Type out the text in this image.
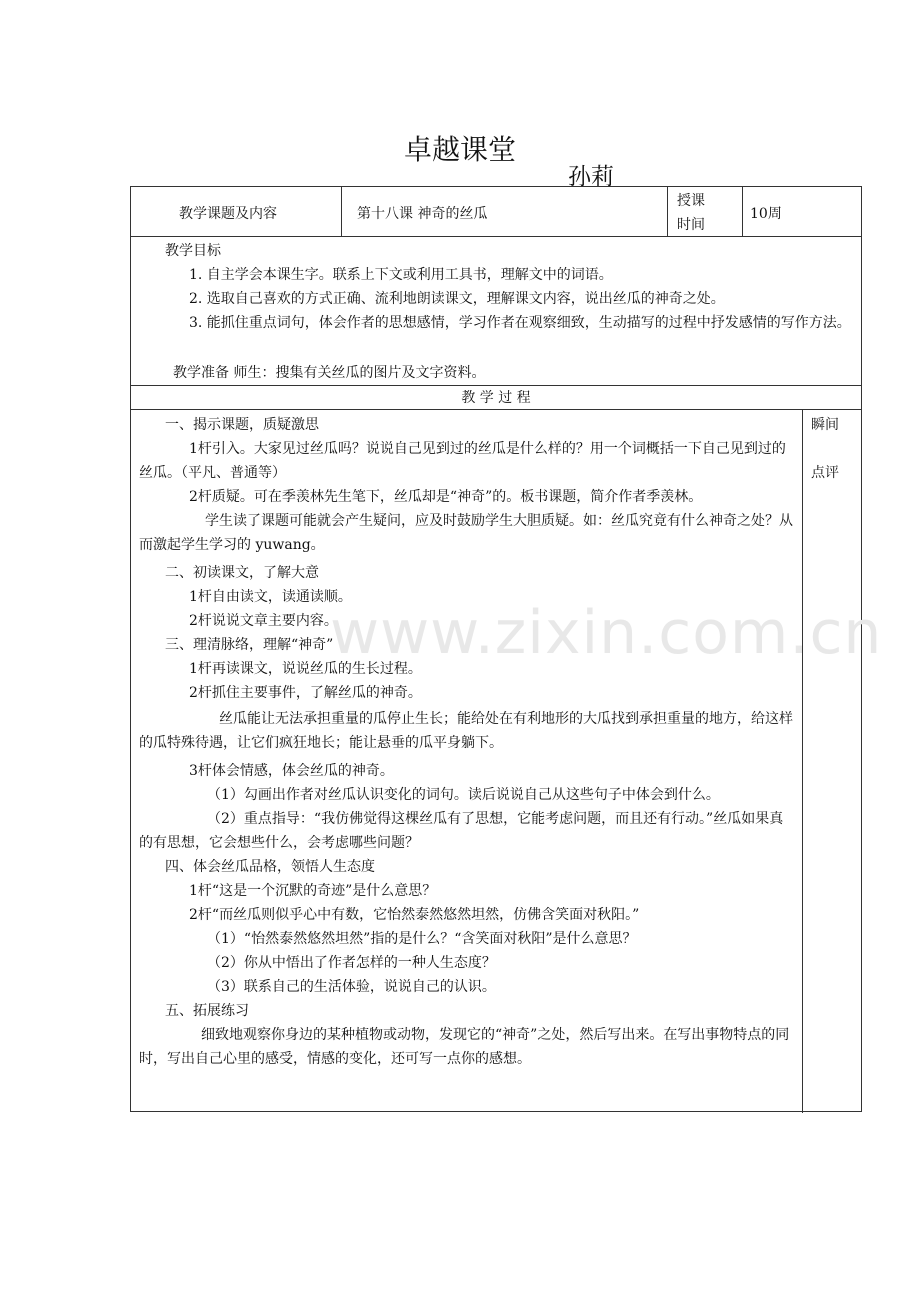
卓越课堂
孙莉
教学课题及内容	第十八课 神奇的丝瓜
授课
时间
10周
教学目标
1. 自主学会本课生字。联系上下文或利用工具书，理解文中的词语。
2. 选取自己喜欢的方式正确、流利地朗读课文，理解课文内容，说出丝瓜的神奇之处。
3. 能抓住重点词句，体会作者的思想感情，学习作者在观察细致，生动描写的过程中抒发感情的写作方法。
教学准备 师生：搜集有关丝瓜的图片及文字资料。
教 学 过 程
瞬间
点评
一、揭示课题，质疑激思
1杆引入。大家见过丝瓜吗？说说自己见到过的丝瓜是什么样的？用一个词概括一下自己见到过的丝瓜。（平凡、普通等）
2杆质疑。可在季羡林先生笔下，丝瓜却是“神奇”的。板书课题，简介作者季羡林。
学生读了课题可能就会产生疑问，应及时鼓励学生大胆质疑。如：丝瓜究竟有什么神奇之处？从而激起学生学习的 yuwang。
二、初读课文，了解大意
1杆自由读文，读通读顺。
2杆说说文章主要内容。
三、理清脉络，理解“神奇”
1杆再读课文，说说丝瓜的生长过程。
2杆抓住主要事件，了解丝瓜的神奇。
丝瓜能让无法承担重量的瓜停止生长；能给处在有利地形的大瓜找到承担重量的地方，给这样的瓜特殊待遇，让它们疯狂地长；能让悬垂的瓜平身躺下。
3杆体会情感，体会丝瓜的神奇。
（1）勾画出作者对丝瓜认识变化的词句。读后说说自己从这些句子中体会到什么。
（2）重点指导：“我仿佛觉得这棵丝瓜有了思想，它能考虑问题，而且还有行动。”丝瓜如果真的有思想，它会想些什么，会考虑哪些问题？
四、体会丝瓜品格，领悟人生态度
1杆“这是一个沉默的奇迹”是什么意思？
2杆“而丝瓜则似乎心中有数，它怡然泰然悠然坦然，仿佛含笑面对秋阳。”
（1）“怡然泰然悠然坦然”指的是什么？“含笑面对秋阳”是什么意思？
（2）你从中悟出了作者怎样的一种人生态度？
（3）联系自己的生活体验，说说自己的认识。
五、拓展练习
细致地观察你身边的某种植物或动物，发现它的“神奇”之处，然后写出来。在写出事物特点的同时，写出自己心里的感受，情感的变化，还可写一点你的感想。
www.zixin.com.cn
